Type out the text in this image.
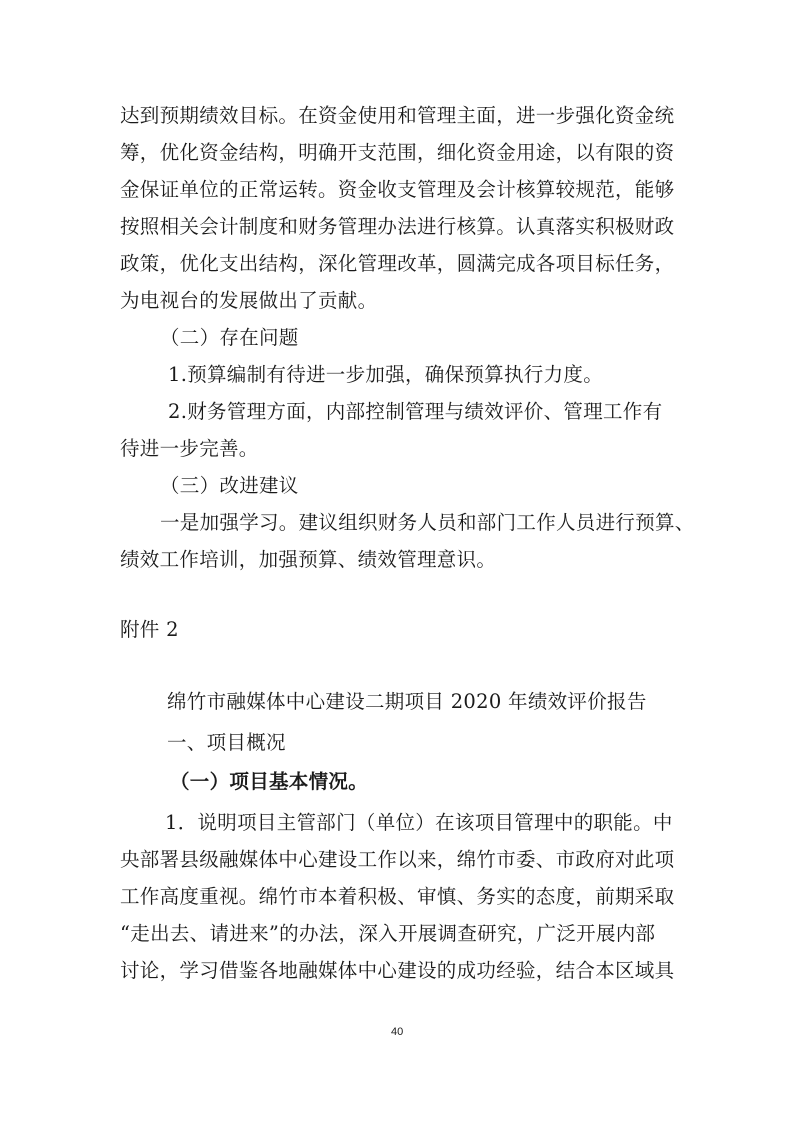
达到预期绩效目标。在资金使用和管理主面，进一步强化资金统
筹，优化资金结构，明确开支范围，细化资金用途，以有限的资
金保证单位的正常运转。资金收支管理及会计核算较规范，能够
按照相关会计制度和财务管理办法进行核算。认真落实积极财政
政策，优化支出结构，深化管理改革，圆满完成各项目标任务，
为电视台的发展做出了贡献。
（二）存在问题
1.预算编制有待进一步加强，确保预算执行力度。
2.财务管理方面，内部控制管理与绩效评价、管理工作有
待进一步完善。
（三）改进建议
一是加强学习。建议组织财务人员和部门工作人员进行预算、
绩效工作培训，加强预算、绩效管理意识。
附件 2
绵竹市融媒体中心建设二期项目 2020 年绩效评价报告
一、项目概况
（一）项目基本情况。
1．说明项目主管部门（单位）在该项目管理中的职能。中
央部署县级融媒体中心建设工作以来，绵竹市委、市政府对此项
工作高度重视。绵竹市本着积极、审慎、务实的态度，前期采取
“走出去、请进来”的办法，深入开展调查研究，广泛开展内部
讨论，学习借鉴各地融媒体中心建设的成功经验，结合本区域具
40
